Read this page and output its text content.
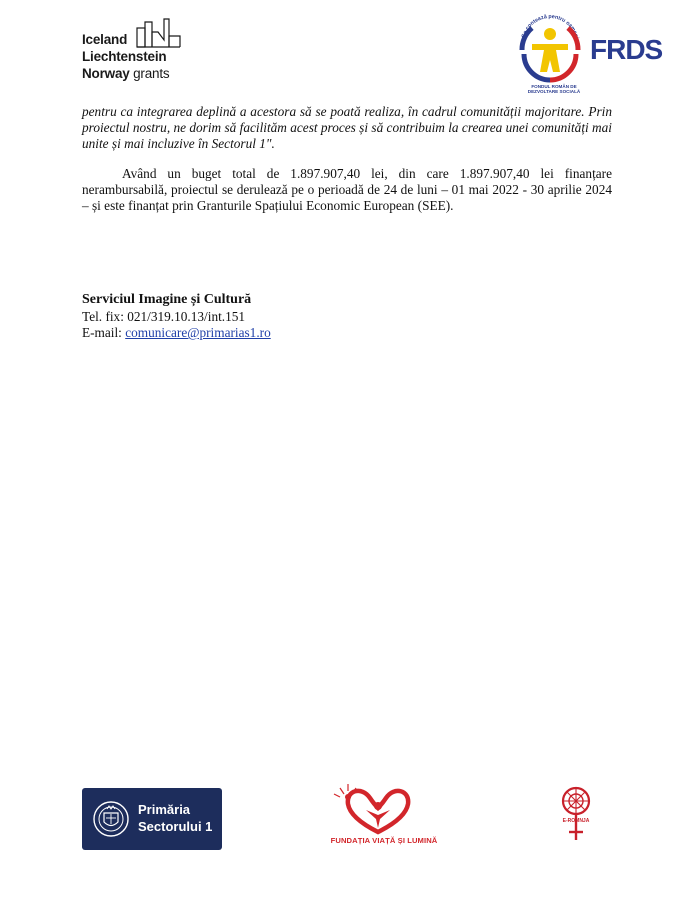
Iceland
Liechtenstein
Norway grants
Ce contează pentru oameni FRDS
FONDUL ROMÂN DE DEZVOLTARE SOCIALĂ

pentru ca integrarea deplină a acestora să se poată realiza, în cadrul comunității majoritare. Prin proiectul nostru, ne dorim să facilităm acest proces și să contribuim la crearea unei comunități mai unite și mai incluzive în Sectorul 1".

Având un buget total de 1.897.907,40 lei, din care 1.897.907,40 lei finanțare nerambursabilă, proiectul se derulează pe o perioadă de 24 de luni – 01 mai 2022 - 30 aprilie 2024 – și este finanțat prin Granturile Spațiului Economic European (SEE).

Serviciul Imagine și Cultură
Tel. fix: 021/319.10.13/int.151
E-mail: comunicare@primarias1.ro
Primăria
Sectorului 1
FUNDAȚIA VIAȚĂ ȘI LUMINĂ
E-ROMNJA
